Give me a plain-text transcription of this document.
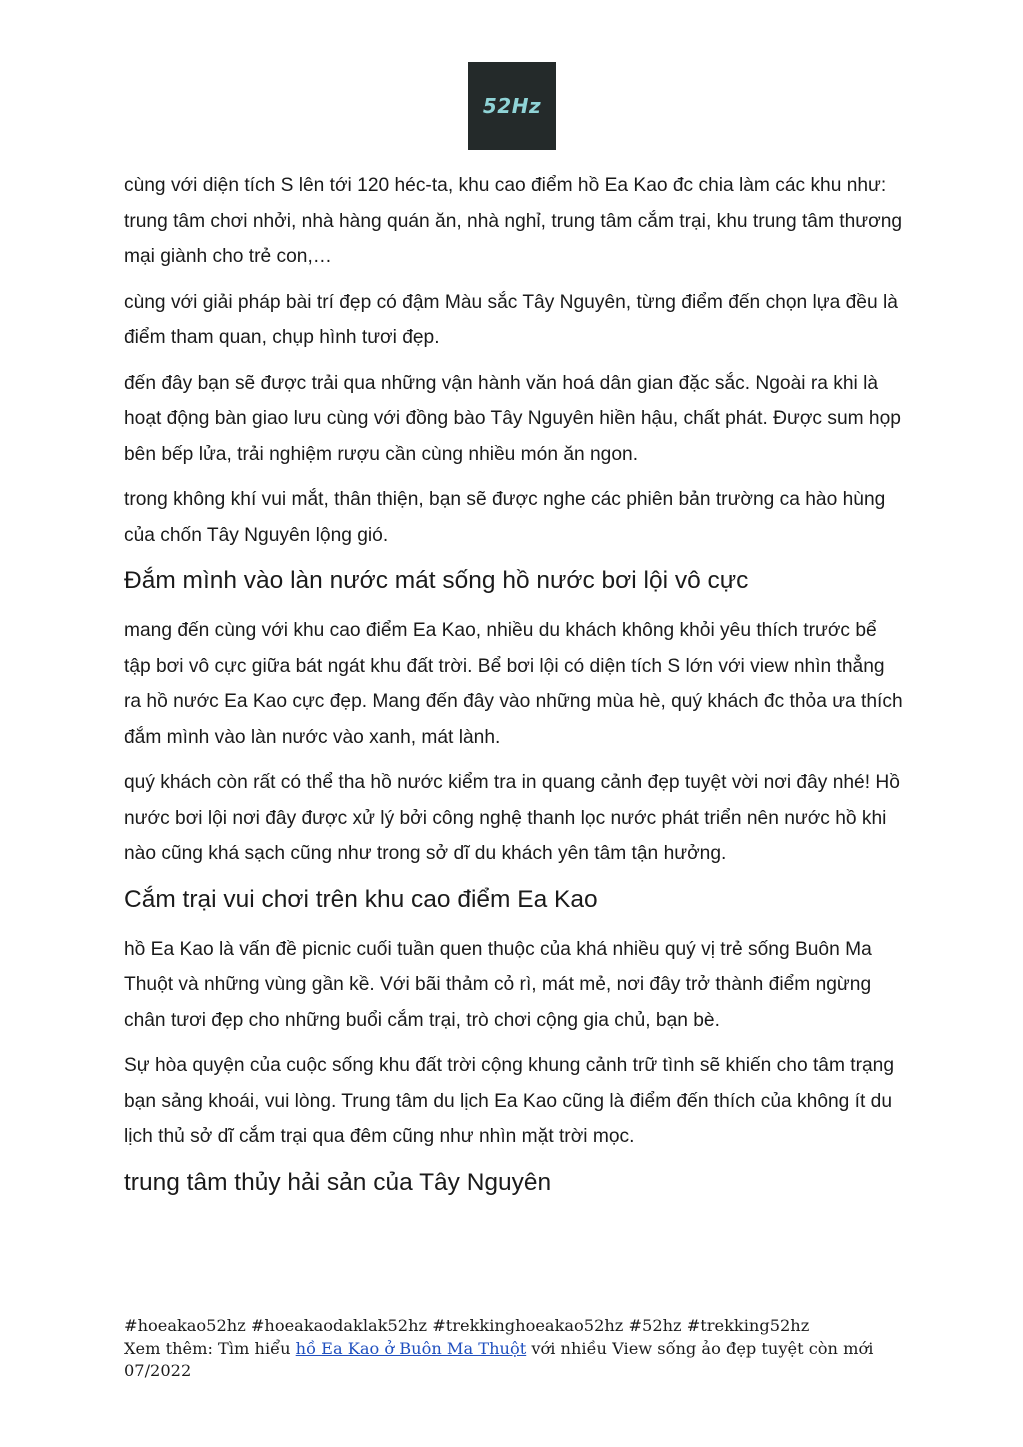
52Hz

cùng với diện tích S lên tới 120 héc-ta, khu cao điểm hồ Ea Kao đc chia làm các khu như: trung tâm chơi nhởi, nhà hàng quán ăn, nhà nghỉ, trung tâm cắm trại, khu trung tâm thương mại giành cho trẻ con,…

cùng với giải pháp bài trí đẹp có đậm Màu sắc Tây Nguyên, từng điểm đến chọn lựa đều là điểm tham quan, chụp hình tươi đẹp.

đến đây bạn sẽ được trải qua những vận hành văn hoá dân gian đặc sắc. Ngoài ra khi là hoạt động bàn giao lưu cùng với đồng bào Tây Nguyên hiền hậu, chất phát. Được sum họp bên bếp lửa, trải nghiệm rượu cần cùng nhiều món ăn ngon.

trong không khí vui mắt, thân thiện, bạn sẽ được nghe các phiên bản trường ca hào hùng của chốn Tây Nguyên lộng gió.

Đắm mình vào làn nước mát sống hồ nước bơi lội vô cực

mang đến cùng với khu cao điểm Ea Kao, nhiều du khách không khỏi yêu thích trước bể tập bơi vô cực giữa bát ngát khu đất trời. Bể bơi lội có diện tích S lớn với view nhìn thẳng ra hồ nước Ea Kao cực đẹp. Mang đến đây vào những mùa hè, quý khách đc thỏa ưa thích đắm mình vào làn nước vào xanh, mát lành.

quý khách còn rất có thể tha hồ nước kiểm tra in quang cảnh đẹp tuyệt vời nơi đây nhé! Hồ nước bơi lội nơi đây được xử lý bởi công nghệ thanh lọc nước phát triển nên nước hồ khi nào cũng khá sạch cũng như trong sở dĩ du khách yên tâm tận hưởng.

Cắm trại vui chơi trên khu cao điểm Ea Kao

hồ Ea Kao là vấn đề picnic cuối tuần quen thuộc của khá nhiều quý vị trẻ sống Buôn Ma Thuột và những vùng gần kề. Với bãi thảm cỏ rì, mát mẻ, nơi đây trở thành điểm ngừng chân tươi đẹp cho những buổi cắm trại, trò chơi cộng gia chủ, bạn bè.

Sự hòa quyện của cuộc sống khu đất trời cộng khung cảnh trữ tình sẽ khiến cho tâm trạng bạn sảng khoái, vui lòng. Trung tâm du lịch Ea Kao cũng là điểm đến thích của không ít du lịch thủ sở dĩ cắm trại qua đêm cũng như nhìn mặt trời mọc.

trung tâm thủy hải sản của Tây Nguyên
#hoeakao52hz #hoeakaodaklak52hz #trekkinghoeakao52hz #52hz #trekking52hz
Xem thêm: Tìm hiểu hồ Ea Kao ở Buôn Ma Thuột với nhiều View sống ảo đẹp tuyệt còn mới 07/2022
